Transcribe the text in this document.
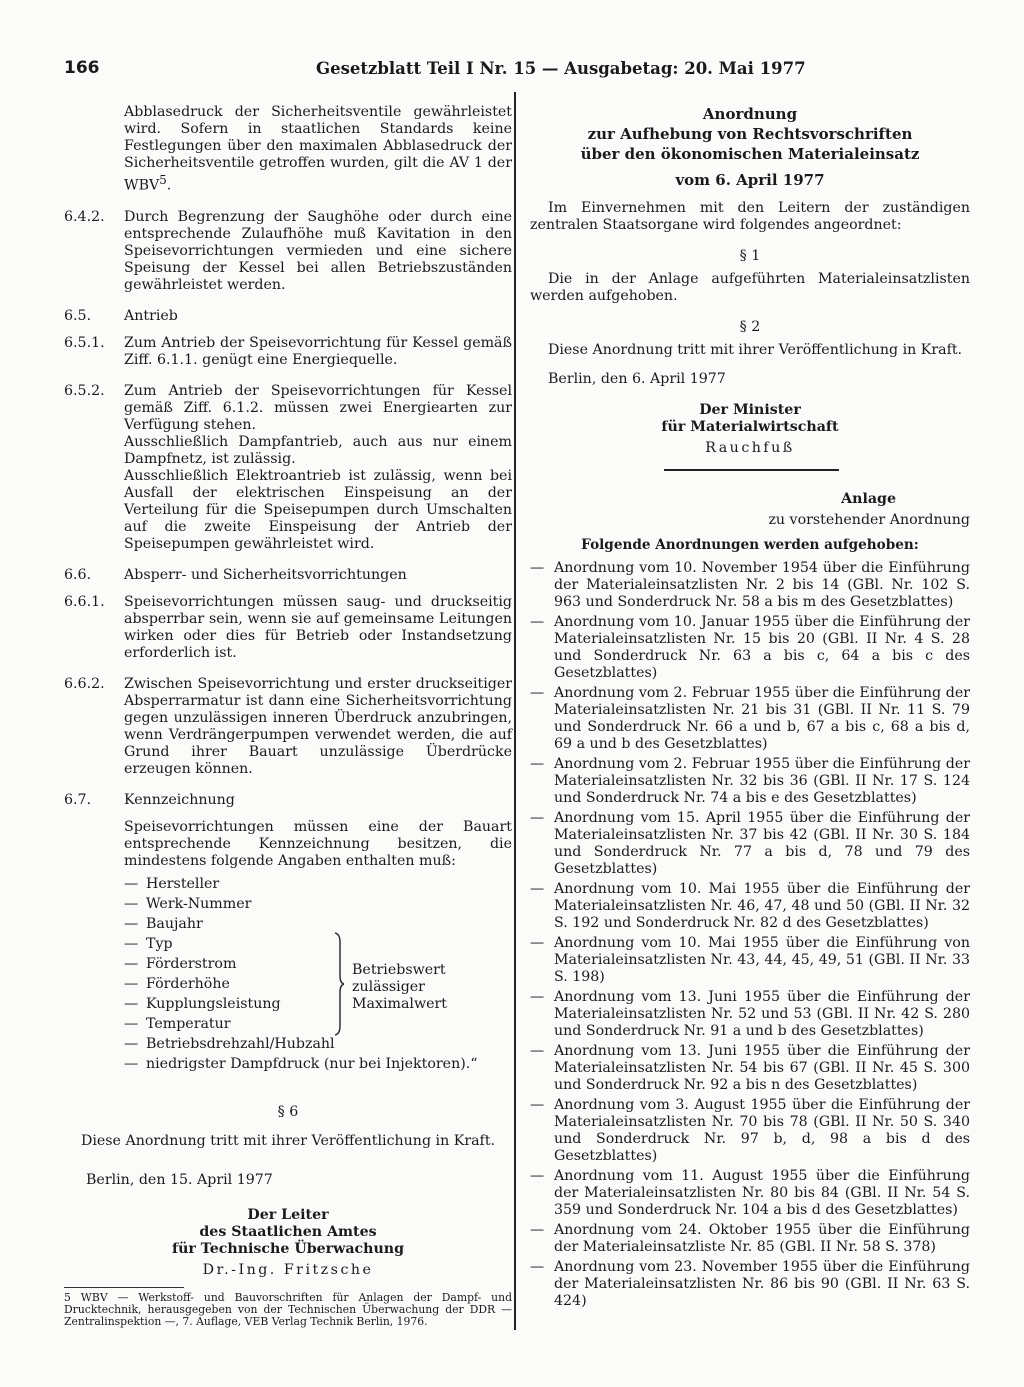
166	Gesetzblatt Teil I Nr. 15 — Ausgabetag: 20. Mai 1977
Abblasedruck der Sicherheitsventile gewährleistet wird. Sofern in staatlichen Standards keine Festlegungen über den maximalen Abblasedruck der Sicherheitsventile getroffen wurden, gilt die AV 1 der WBV$^5$.
6.4.2.	Durch Begrenzung der Saughöhe oder durch eine entsprechende Zulaufhöhe muß Kavitation in den Speisevorrichtungen vermieden und eine sichere Speisung der Kessel bei allen Betriebszuständen gewährleistet werden.
6.5.	Antrieb
6.5.1.	Zum Antrieb der Speisevorrichtung für Kessel gemäß Ziff. 6.1.1. genügt eine Energiequelle.
6.5.2.	Zum Antrieb der Speisevorrichtungen für Kessel gemäß Ziff. 6.1.2. müssen zwei Energiearten zur Verfügung stehen.

Ausschließlich Dampfantrieb, auch aus nur einem Dampfnetz, ist zulässig.

Ausschließlich Elektroantrieb ist zulässig, wenn bei Ausfall der elektrischen Einspeisung an der Verteilung für die Speisepumpen durch Umschalten auf die zweite Einspeisung der Antrieb der Speisepumpen gewährleistet wird.

6.6.	Absperr- und Sicherheitsvorrichtungen
6.6.1.	Speisevorrichtungen müssen saug- und druckseitig absperrbar sein, wenn sie auf gemeinsame Leitungen wirken oder dies für Betrieb oder Instandsetzung erforderlich ist.
6.6.2.	Zwischen Speisevorrichtung und erster druckseitiger Absperrarmatur ist dann eine Sicherheitsvorrichtung gegen unzulässigen inneren Überdruck anzubringen, wenn Verdrängerpumpen verwendet werden, die auf Grund ihrer Bauart unzulässige Überdrücke erzeugen können.
6.7.	Kennzeichnung
Speisevorrichtungen müssen eine der Bauart entsprechende Kennzeichnung besitzen, die mindestens folgende Angaben enthalten muß:
— Hersteller
— Werk-Nummer
— Baujahr
— Typ
— Förderstrom
— Förderhöhe
— Kupplungsleistung
— Temperatur
— Betriebsdrehzahl/Hubzahl
— niedrigster Dampfdruck (nur bei Injektoren).“

§ 6

Diese Anordnung tritt mit ihrer Veröffentlichung in Kraft.

Berlin, den 15. April 1977

Der Leiter

des Staatlichen Amtes

für Technische Überwachung

Dr.-Ing. Fritzsche

5 WBV — Werkstoff- und Bauvorschriften für Anlagen der Dampf- und Drucktechnik, herausgegeben von der Technischen Überwachung der DDR — Zentralinspektion —, 7. Auflage, VEB Verlag Technik Berlin, 1976.

Betriebswert zulässiger Maximalwert

Anordnung

zur Aufhebung von Rechtsvorschriften

über den ökonomischen Materialeinsatz

vom 6. April 1977

Im Einvernehmen mit den Leitern der zuständigen zentralen Staatsorgane wird folgendes angeordnet:

§ 1

Die in der Anlage aufgeführten Materialeinsatzlisten werden aufgehoben.

§ 2

Diese Anordnung tritt mit ihrer Veröffentlichung in Kraft.

Berlin, den 6. April 1977

Der Minister

für Materialwirtschaft

Rauchfuß

Anlage

zu vorstehender Anordnung

Folgende Anordnungen werden aufgehoben:

— Anordnung vom 10. November 1954 über die Einführung der Materialeinsatzlisten Nr. 2 bis 14 (GBl. Nr. 102 S. 963 und Sonderdruck Nr. 58 a bis m des Gesetzblattes)
— Anordnung vom 10. Januar 1955 über die Einführung der Materialeinsatzlisten Nr. 15 bis 20 (GBl. II Nr. 4 S. 28 und Sonderdruck Nr. 63 a bis c, 64 a bis c des Gesetzblattes)
— Anordnung vom 2. Februar 1955 über die Einführung der Materialeinsatzlisten Nr. 21 bis 31 (GBl. II Nr. 11 S. 79 und Sonderdruck Nr. 66 a und b, 67 a bis c, 68 a bis d, 69 a und b des Gesetzblattes)
— Anordnung vom 2. Februar 1955 über die Einführung der Materialeinsatzlisten Nr. 32 bis 36 (GBl. II Nr. 17 S. 124 und Sonderdruck Nr. 74 a bis e des Gesetzblattes)
— Anordnung vom 15. April 1955 über die Einführung der Materialeinsatzlisten Nr. 37 bis 42 (GBl. II Nr. 30 S. 184 und Sonderdruck Nr. 77 a bis d, 78 und 79 des Gesetzblattes)
— Anordnung vom 10. Mai 1955 über die Einführung der Materialeinsatzlisten Nr. 46, 47, 48 und 50 (GBl. II Nr. 32 S. 192 und Sonderdruck Nr. 82 d des Gesetzblattes)
— Anordnung vom 10. Mai 1955 über die Einführung von Materialeinsatzlisten Nr. 43, 44, 45, 49, 51 (GBl. II Nr. 33 S. 198)
— Anordnung vom 13. Juni 1955 über die Einführung der Materialeinsatzlisten Nr. 52 und 53 (GBl. II Nr. 42 S. 280 und Sonderdruck Nr. 91 a und b des Gesetzblattes)
— Anordnung vom 13. Juni 1955 über die Einführung der Materialeinsatzlisten Nr. 54 bis 67 (GBl. II Nr. 45 S. 300 und Sonderdruck Nr. 92 a bis n des Gesetzblattes)
— Anordnung vom 3. August 1955 über die Einführung der Materialeinsatzlisten Nr. 70 bis 78 (GBl. II Nr. 50 S. 340 und Sonderdruck Nr. 97 b, d, 98 a bis d des Gesetzblattes)
— Anordnung vom 11. August 1955 über die Einführung der Materialeinsatzlisten Nr. 80 bis 84 (GBl. II Nr. 54 S. 359 und Sonderdruck Nr. 104 a bis d des Gesetzblattes)
— Anordnung vom 24. Oktober 1955 über die Einführung der Materialeinsatzliste Nr. 85 (GBl. II Nr. 58 S. 378)
— Anordnung vom 23. November 1955 über die Einführung der Materialeinsatzlisten Nr. 86 bis 90 (GBl. II Nr. 63 S. 424)
